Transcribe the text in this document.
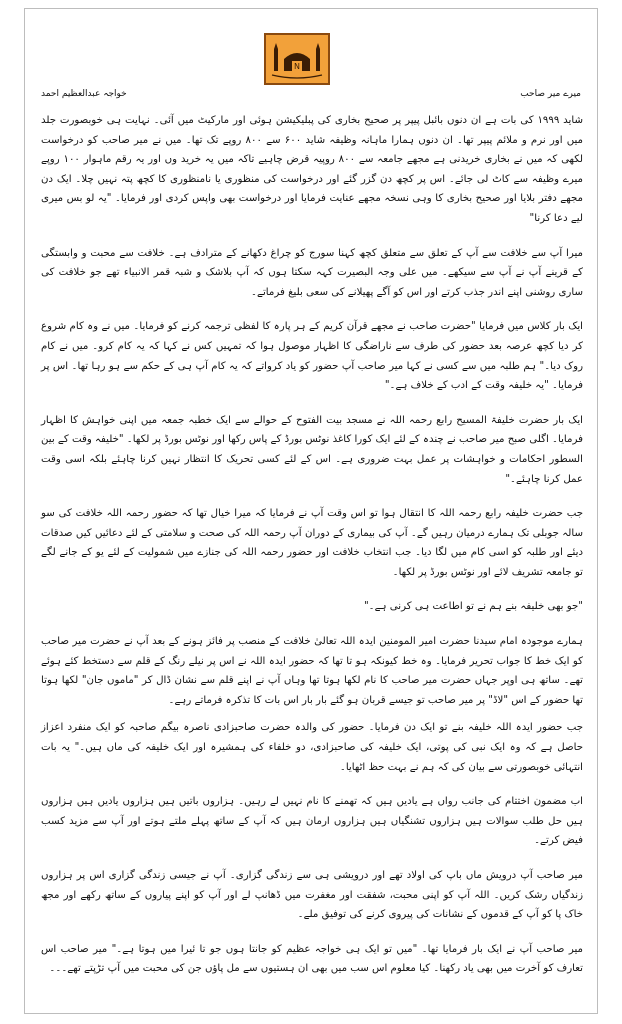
N
میرے میر صاحب
خواجہ عبدالعظیم احمد

شاید ۱۹۹۹ کی بات ہے ان دنوں بائبل پیپر پر صحیح بخاری کی پبلیکیشن ہوئی اور مارکیٹ میں آئی۔ نہایت ہی خوبصورت جلد میں اور نرم و ملائم پیپر تھا۔ ان دنوں ہمارا ماہانہ وظیفہ شاید ۶۰۰ سے ۸۰۰ روپے تک تھا۔ میں نے میر صاحب کو درخواست لکھی کہ میں نے بخاری خریدنی ہے مجھے جامعہ سے ۸۰۰ روپیہ قرض چاہیے تاکہ میں یہ خرید وں اور یہ رقم ماہوار ۱۰۰ روپے میرے وظیفہ سے کاٹ لی جائے۔ اس پر کچھ دن گزر گئے اور درخواست کی منظوری یا نامنظوری کا کچھ پتہ نہیں چلا۔ ایک دن مجھے دفتر بلایا اور صحیح بخاری کا وہی نسخہ مجھے عنایت فرمایا اور درخواست بھی واپس کردی اور فرمایا۔ "یہ لو بس میری لیے دعا کرنا"

میرا آپ سے خلافت سے آپ کے تعلق سے متعلق کچھ کہنا سورج کو چراغ دکھانے کے مترادف ہے۔ خلافت سے محبت و وابستگی کے قرینے آپ نے آپ سے سیکھے۔ میں علی وجہ البصیرت کہہ سکتا ہوں کہ آپ بلاشک و شبہ قمر الانبیاء تھے جو خلافت کی ساری روشنی اپنے اندر جذب کرتے اور اس کو آگے پھیلانے کی سعی بلیغ فرماتے۔

ایک بار کلاس میں فرمایا "حضرت صاحب نے مجھے قرآن کریم کے ہر پارہ کا لفظی ترجمہ کرنے کو فرمایا۔ میں نے وہ کام شروع کر دیا کچھ عرصہ بعد حضور کی طرف سے ناراضگی کا اظہار موصول ہوا کہ تمہیں کس نے کہا کہ یہ کام کرو۔ میں نے کام روک دیا۔" ہم طلبہ میں سے کسی نے کہا میر صاحب آپ حضور کو یاد کرواتے کہ یہ کام آپ ہی کے حکم سے ہو رہا تھا۔ اس پر فرمایا۔ "یہ خلیفہ وقت کے ادب کے خلاف ہے۔"

ایک بار حضرت خلیفۃ المسیح رابع رحمہ اللہ نے مسجد بیت الفتوح کے حوالے سے ایک خطبہ جمعہ میں اپنی خواہش کا اظہار فرمایا۔ اگلی صبح میر صاحب نے چندہ کے لئے ایک کورا کاغذ نوٹس بورڈ کے پاس رکھا اور نوٹس بورڈ پر لکھا۔ "خلیفہ وقت کے بین السطور احکامات و خواہشات پر عمل بہت ضروری ہے۔ اس کے لئے کسی تحریک کا انتظار نہیں کرنا چاہئے بلکہ اسی وقت عمل کرنا چاہئے۔"

جب حضرت خلیفہ رابع رحمہ اللہ کا انتقال ہوا تو اس وقت آپ نے فرمایا کہ میرا خیال تھا کہ حضور رحمہ اللہ خلافت کی سو سالہ جوبلی تک ہمارے درمیان رہیں گے۔ آپ کی بیماری کے دوران آپ رحمہ اللہ کی صحت و سلامتی کے لئے دعائیں کیں صدقات دیئے اور طلبہ کو اسی کام میں لگا دیا۔ جب انتخاب خلافت اور حضور رحمہ اللہ کی جنازے میں شمولیت کے لئے یو کے جانے لگے تو جامعہ تشریف لائے اور نوٹس بورڈ پر لکھا۔

"جو بھی خلیفہ بنے ہم نے تو اطاعت ہی کرنی ہے۔"

ہمارے موجودہ امام سیدنا حضرت امیر المومنین ایدہ اللہ تعالیٰ خلافت کے منصب پر فائز ہونے کے بعد آپ نے حضرت میر صاحب کو ایک خط کا جواب تحریر فرمایا۔ وہ خط کیونکہ ہو تا تھا کہ حضور ایدہ اللہ نے اس پر نیلے رنگ کے قلم سے دستخط کئے ہوئے تھے۔ ساتھ ہی اوپر جہاں حضرت میر صاحب کا نام لکھا ہوتا تھا وہاں آپ نے اپنے قلم سے نشان ڈال کر "ماموں جان" لکھا ہوتا تھا حضور کے اس "لاڈ" پر میر صاحب تو جیسے قربان ہو گئے بار بار اس بات کا تذکرہ فرماتے رہے۔

جب حضور ایدہ اللہ خلیفہ بنے تو ایک دن فرمایا۔ حضور کی والدہ حضرت صاحبزادی ناصرہ بیگم صاحبہ کو ایک منفرد اعزاز حاصل ہے کہ وہ ایک نبی کی پوتی، ایک خلیفہ کی صاحبزادی، دو خلفاء کی ہمشیرہ اور ایک خلیفہ کی ماں ہیں۔" یہ بات انتہائی خوبصورتی سے بیان کی کہ ہم نے بہت حظ اٹھایا۔

اب مضمون اختتام کی جانب رواں ہے یادیں ہیں کہ تھمنے کا نام نہیں لے رہیں۔ ہزاروں باتیں ہیں ہزاروں یادیں ہیں ہزاروں ہیں حل طلب سوالات ہیں ہزاروں تشنگیاں ہیں ہزاروں ارمان ہیں کہ آپ کے ساتھ پہلے ملتے ہوتے اور آپ سے مزید کسب فیض کرتے۔

میر صاحب آپ درویش ماں باپ کی اولاد تھے اور درویشی ہی سے زندگی گزاری۔ آپ نے جیسی زندگی گزاری اس پر ہزاروں زندگیاں رشک کریں۔ اللہ آپ کو اپنی محبت، شفقت اور مغفرت میں ڈھانپ لے اور آپ کو اپنے پیاروں کے ساتھ رکھے اور مجھ خاک پا کو آپ کے قدموں کے نشانات کی پیروی کرنے کی توفیق ملے۔

میر صاحب آپ نے ایک بار فرمایا تھا۔ "میں تو ایک ہی خواجہ عظیم کو جانتا ہوں جو تا ئیرا میں ہوتا ہے۔" میر صاحب اس تعارف کو آخرت میں بھی یاد رکھنا۔ کیا معلوم اس سب میں بھی ان ہستیوں سے مل پاؤں جن کی محبت میں آپ تڑپتے تھے۔۔۔
